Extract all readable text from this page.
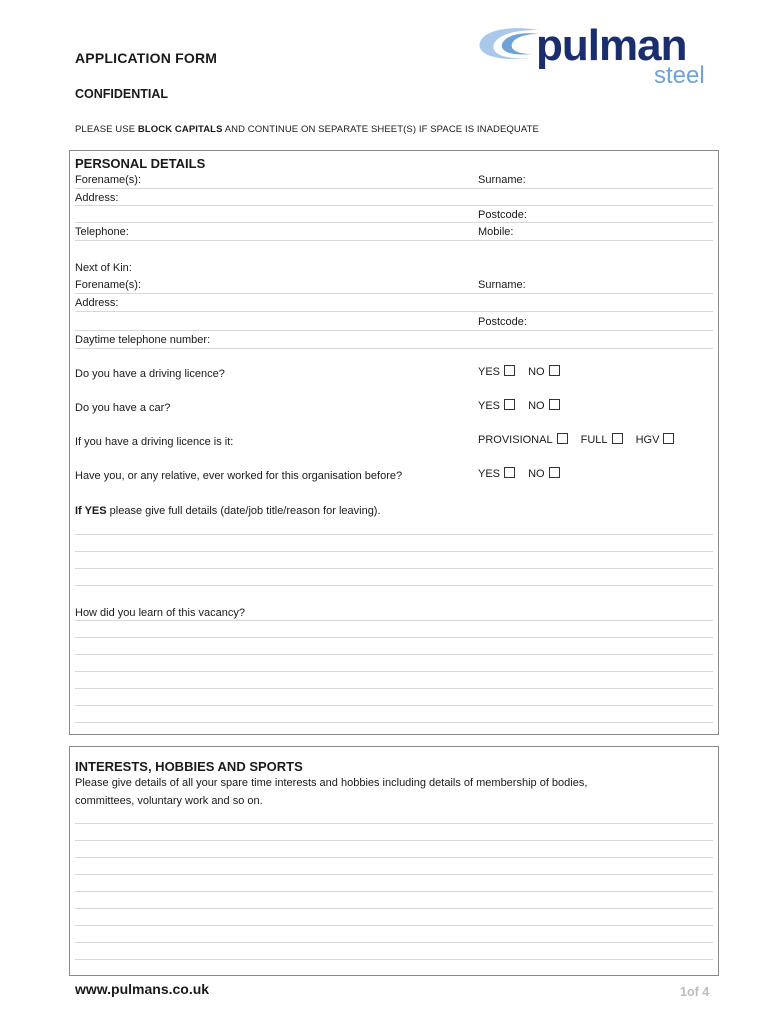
APPLICATION FORM
CONFIDENTIAL
PLEASE USE BLOCK CAPITALS AND CONTINUE ON SEPARATE SHEET(S) IF SPACE IS INADEQUATE
pulman
steel
PERSONAL DETAILS
Forename(s):	Surname:
Address:
Postcode:
Telephone:	Mobile:
Next of Kin:
Forename(s):	Surname:
Address:
Postcode:
Daytime telephone number:
Do you have a driving licence?	YES	NO
Do you have a car?	YES	NO
If you have a driving licence is it:	PROVISIONAL	FULL	HGV
Have you, or any relative, ever worked for this organisation before?	YES	NO
If YES please give full details (date/job title/reason for leaving).
How did you learn of this vacancy?
INTERESTS, HOBBIES AND SPORTS
Please give details of all your spare time interests and hobbies including details of membership of bodies,
committees, voluntary work and so on.
www.pulmans.co.uk	1of 4
